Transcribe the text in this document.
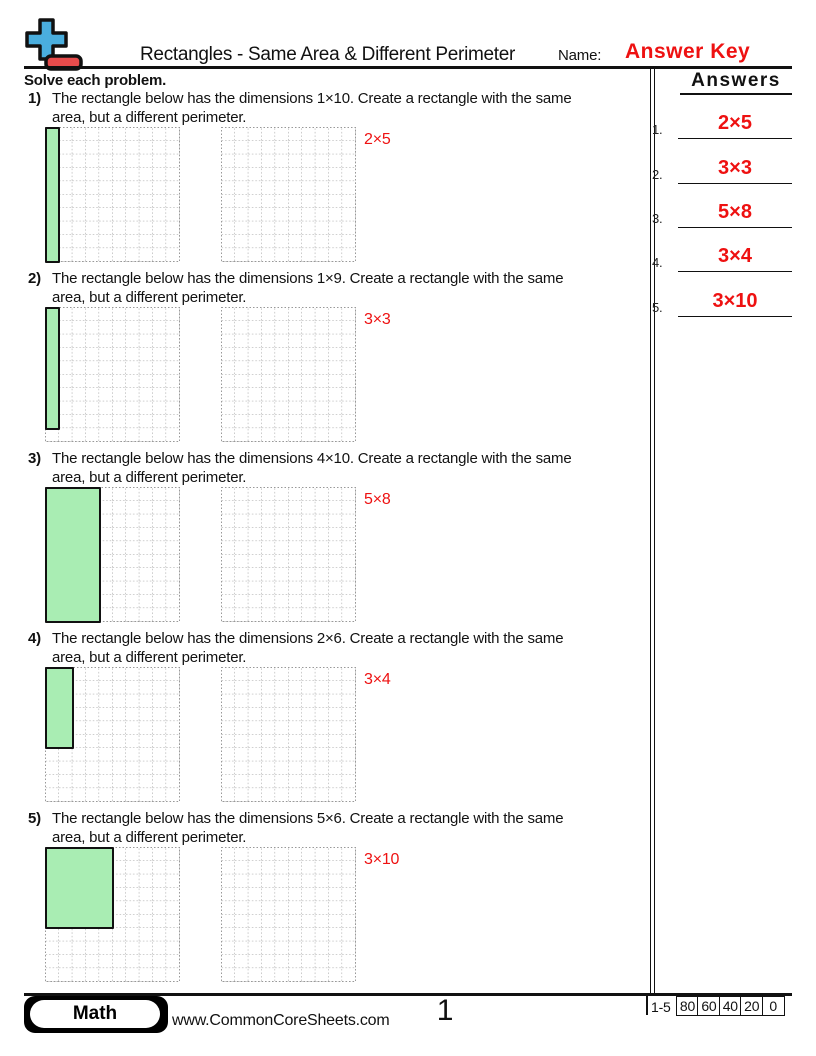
Rectangles - Same Area & Different Perimeter	Name: Answer Key
Solve each problem.
1) The rectangle below has the dimensions 1×10. Create a rectangle with the same
area, but a different perimeter.
2×5
2) The rectangle below has the dimensions 1×9. Create a rectangle with the same
area, but a different perimeter.
3×3
3) The rectangle below has the dimensions 4×10. Create a rectangle with the same
area, but a different perimeter.
5×8
4) The rectangle below has the dimensions 2×6. Create a rectangle with the same
area, but a different perimeter.
3×4
5) The rectangle below has the dimensions 5×6. Create a rectangle with the same
area, but a different perimeter.
3×10
Answers
1.	2×5
2.	3×3
3.	5×8
4.	3×4
5.	3×10
Math	www.CommonCoreSheets.com	1	1-5 80 60 40 20 0
